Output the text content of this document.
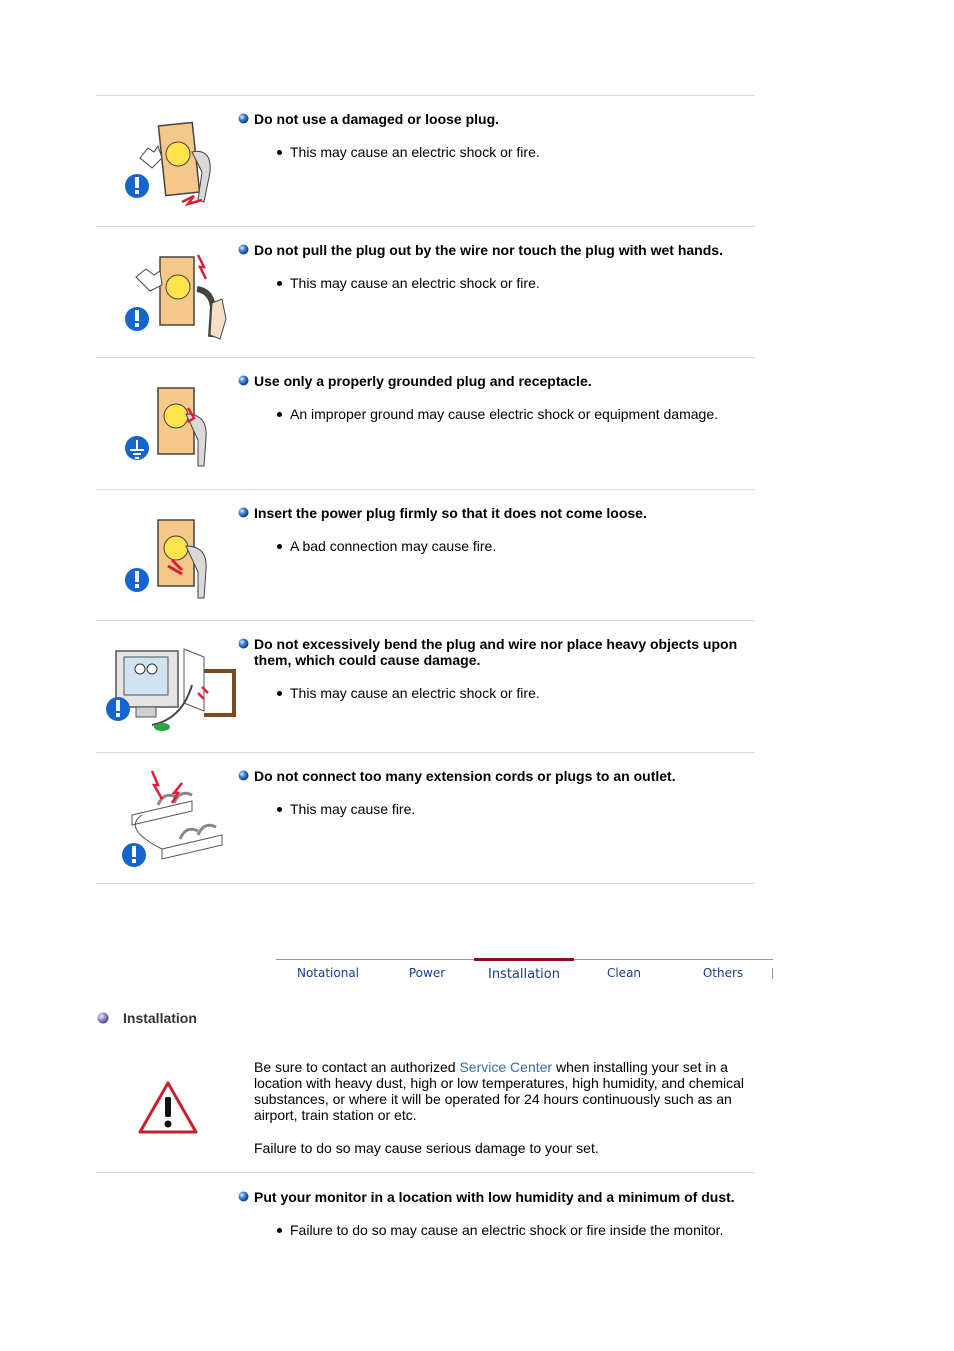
Do not use a damaged or loose plug.
This may cause an electric shock or fire.
Do not pull the plug out by the wire nor touch the plug with wet hands.
This may cause an electric shock or fire.
Use only a properly grounded plug and receptacle.
An improper ground may cause electric shock or equipment damage.
Insert the power plug firmly so that it does not come loose.
A bad connection may cause fire.
Do not excessively bend the plug and wire nor place heavy objects upon them, which could cause damage.
This may cause an electric shock or fire.
Do not connect too many extension cords or plugs to an outlet.
This may cause fire.
Notational	Power	Installation	Clean	Others
Installation

Be sure to contact an authorized Service Center when installing your set in a location with heavy dust, high or low temperatures, high humidity, and chemical substances, or where it will be operated for 24 hours continuously such as an airport, train station or etc.

Failure to do so may cause serious damage to your set.

Put your monitor in a location with low humidity and a minimum of dust.
Failure to do so may cause an electric shock or fire inside the monitor.
